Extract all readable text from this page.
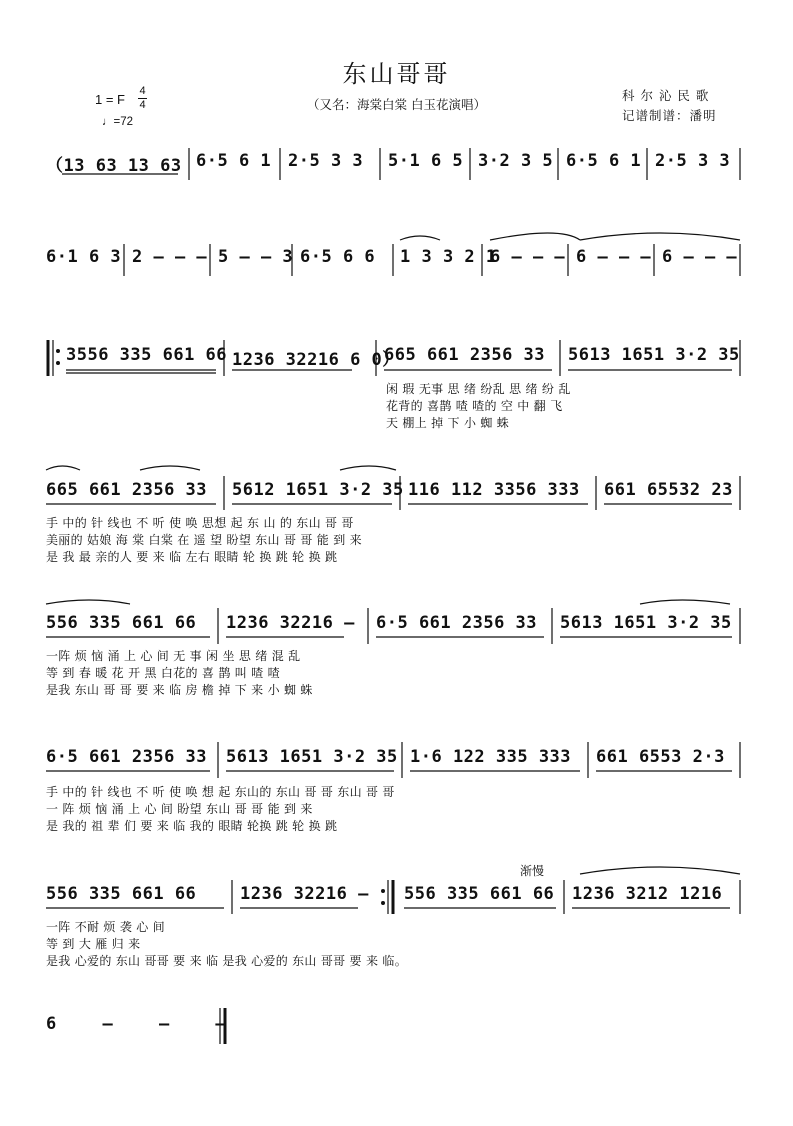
东山哥哥
（又名：海棠白棠 白玉花演唱）
科 尔 沁 民 歌
记谱制谱：潘明
1 = F
4
4
♩=72
渐慢
（13 63 13 63 6·5 6 1 2·5 3 3 5·1 6 5 3·2 3 5 6·5 6 1 2·5 3 3
6·1 6 3 2 – – – 5 – – 3 6·5 6 6 1 3 3 2 1
6 – – – 6 – – – 6 – – –
3556 335 661 66 1236 32216 6 0）
665 661 2356 33 5613 1651 3·2 35
665 661 2356 33 5612 1651 3·2 35 116 112 3356 333 661 65532 23
556 335 661 66 1236 32216 – 6·5 661 2356 33 5613 1651 3·2 35
6·5 661 2356 33 5613 1651 3·2 35 1·6 122 335 333 661 6553 2·3
556 335 661 66	1236 32216 – 556 335 661 66 1236 3212 1216
6 – – –
闲 瑕 无事 思 绪 纷乱 思 绪 纷 乱
花背的 喜鹊 喳 喳的 空 中 翻 飞
天 棚上 掉 下 小 蜘 蛛
手 中的 针 线也 不 听 使 唤 思想 起 东 山 的 东山 哥 哥
美丽的 姑娘 海 棠 白棠 在 遥 望 盼望 东山 哥 哥 能 到 来
是 我 最 亲的人 要 来 临 左右 眼睛 轮 换 跳 轮 换 跳
一阵 烦 恼 涌 上 心 间 无 事 闲 坐 思 绪 混 乱
等 到 春 暖 花 开 黑 白花的 喜 鹊 叫 喳 喳
是我 东山 哥 哥 要 来 临 房 檐 掉 下 来 小 蜘 蛛
手 中的 针 线也 不 听 使 唤 想 起 东山的 东山 哥 哥 东山 哥 哥
一 阵 烦 恼 涌 上 心 间 盼望 东山 哥 哥 能 到 来
是 我的 祖 辈 们 要 来 临 我的 眼睛 轮换 跳 轮 换 跳
一阵 不耐 烦 袭 心 间
等 到 大 雁 归 来
是我 心爱的 东山 哥哥 要 来 临 是我 心爱的 东山 哥哥 要 来 临。
